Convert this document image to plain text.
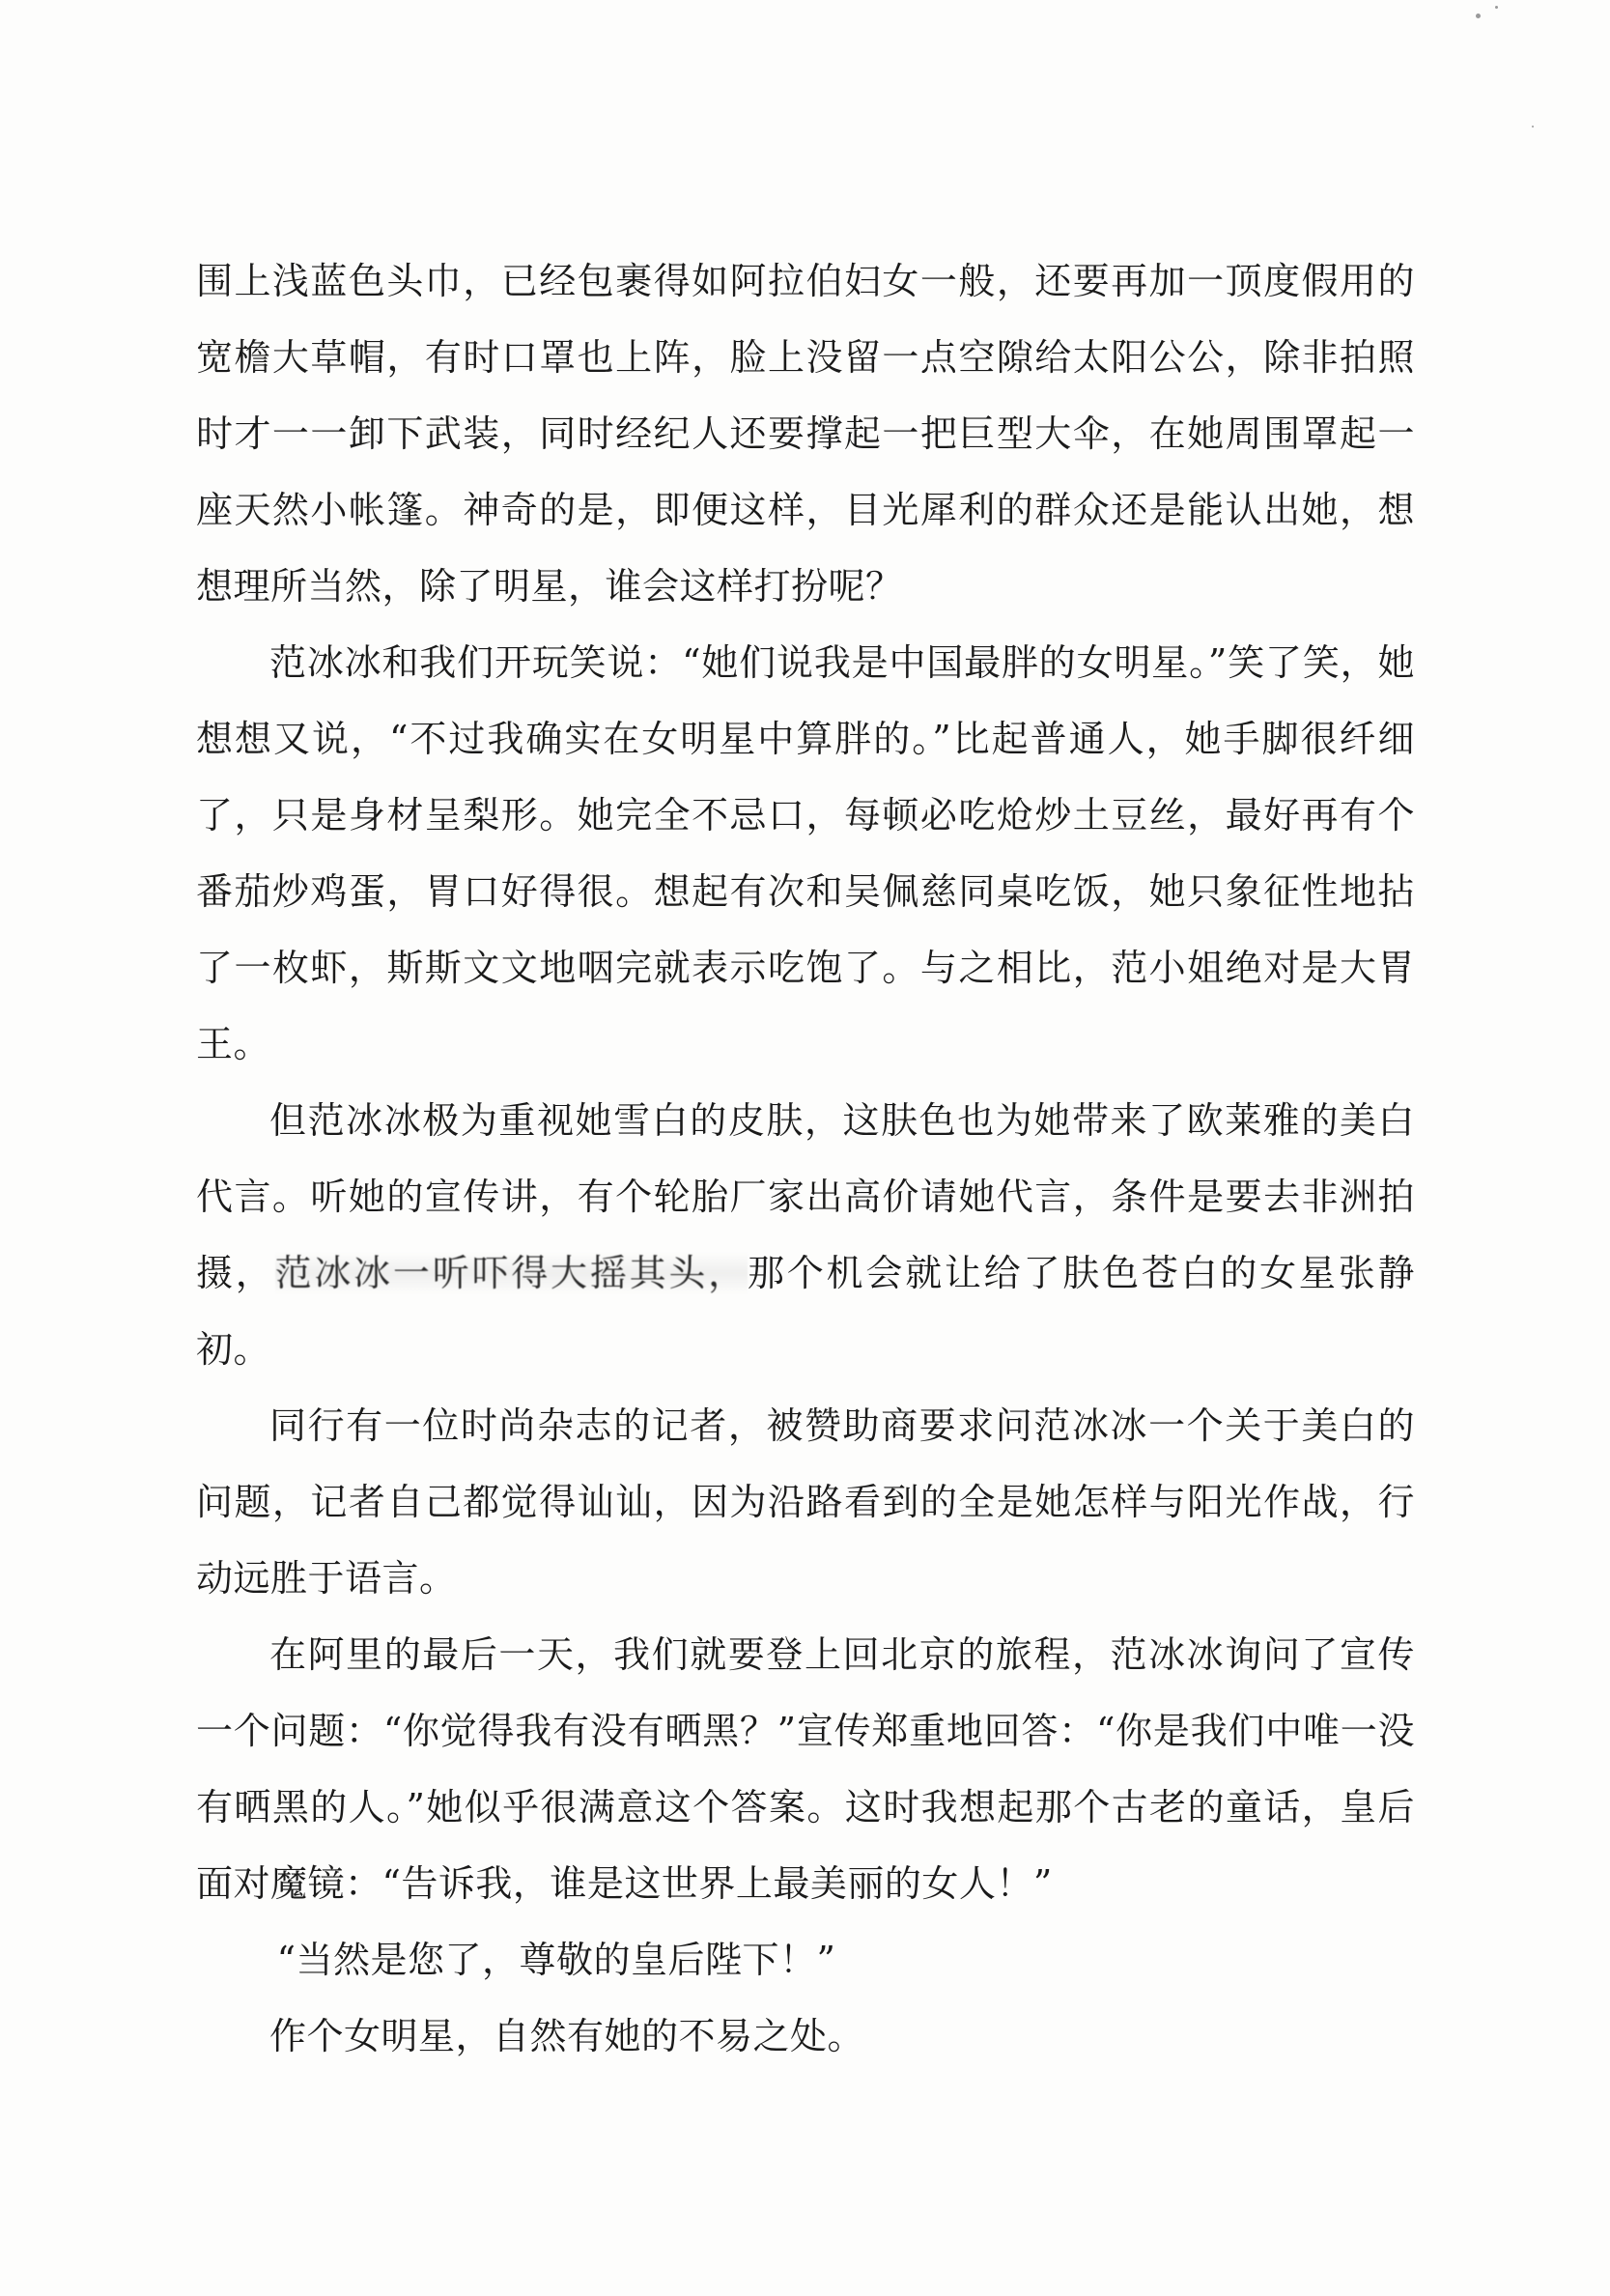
围上浅蓝色头巾，已经包裹得如阿拉伯妇女一般，还要再加一顶度假用的宽檐大草帽，有时口罩也上阵，脸上没留一点空隙给太阳公公，除非拍照时才一一卸下武装，同时经纪人还要撑起一把巨型大伞，在她周围罩起一座天然小帐篷。神奇的是，即便这样，目光犀利的群众还是能认出她，想想理所当然，除了明星，谁会这样打扮呢？

范冰冰和我们开玩笑说：“她们说我是中国最胖的女明星。”笑了笑，她想想又说，“不过我确实在女明星中算胖的。”比起普通人，她手脚很纤细了，只是身材呈梨形。她完全不忌口，每顿必吃炝炒土豆丝，最好再有个番茄炒鸡蛋，胃口好得很。想起有次和吴佩慈同桌吃饭，她只象征性地拈了一枚虾，斯斯文文地咽完就表示吃饱了。与之相比，范小姐绝对是大胃王。

但范冰冰极为重视她雪白的皮肤，这肤色也为她带来了欧莱雅的美白代言。听她的宣传讲，有个轮胎厂家出高价请她代言，条件是要去非洲拍摄，范冰冰一听吓得大摇其头，那个机会就让给了肤色苍白的女星张静初。

同行有一位时尚杂志的记者，被赞助商要求问范冰冰一个关于美白的问题，记者自己都觉得讪讪，因为沿路看到的全是她怎样与阳光作战，行动远胜于语言。

在阿里的最后一天，我们就要登上回北京的旅程，范冰冰询问了宣传一个问题：“你觉得我有没有晒黑？”宣传郑重地回答：“你是我们中唯一没有晒黑的人。”她似乎很满意这个答案。这时我想起那个古老的童话，皇后面对魔镜：“告诉我，谁是这世界上最美丽的女人！”

“当然是您了，尊敬的皇后陛下！”

作个女明星，自然有她的不易之处。
